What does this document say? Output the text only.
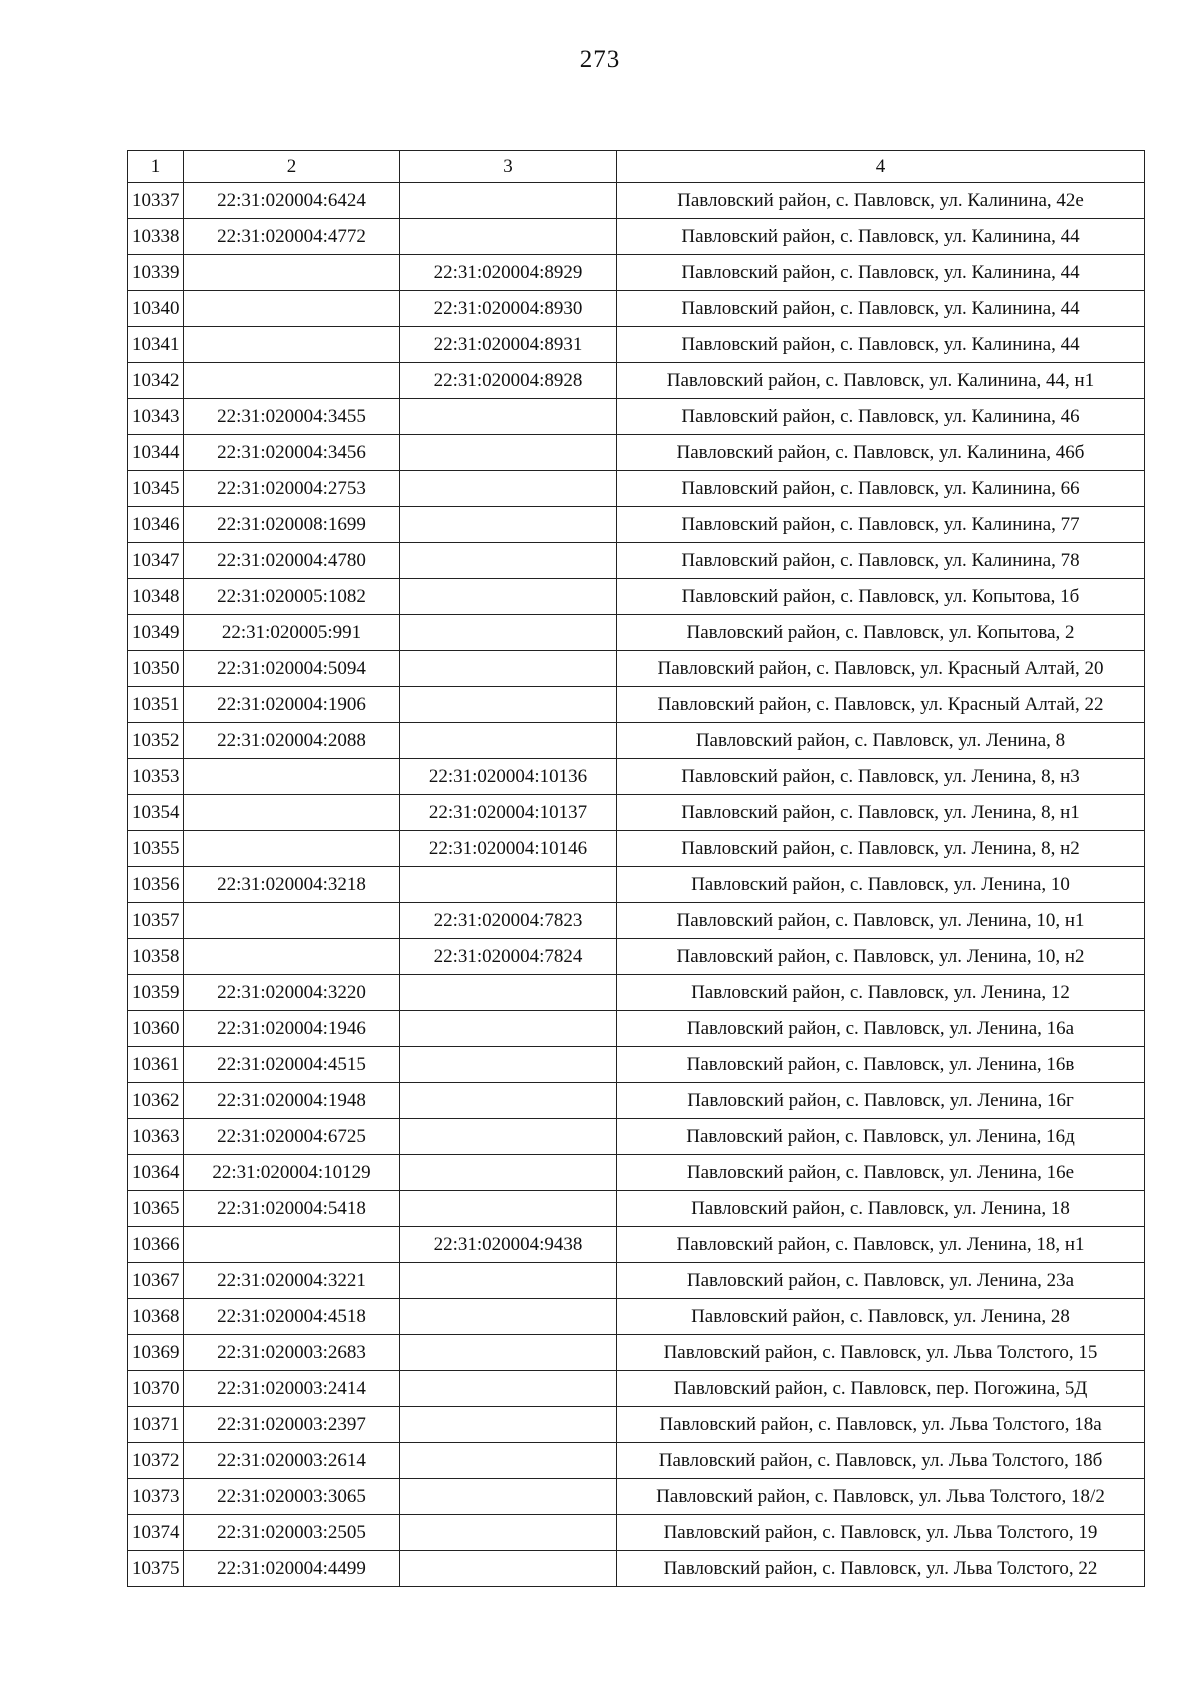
273
1	2	3	4
10337	22:31:020004:6424		Павловский район, с. Павловск, ул. Калинина, 42е
10338	22:31:020004:4772		Павловский район, с. Павловск, ул. Калинина, 44
10339		22:31:020004:8929	Павловский район, с. Павловск, ул. Калинина, 44
10340		22:31:020004:8930	Павловский район, с. Павловск, ул. Калинина, 44
10341		22:31:020004:8931	Павловский район, с. Павловск, ул. Калинина, 44
10342		22:31:020004:8928	Павловский район, с. Павловск, ул. Калинина, 44, н1
10343	22:31:020004:3455		Павловский район, с. Павловск, ул. Калинина, 46
10344	22:31:020004:3456		Павловский район, с. Павловск, ул. Калинина, 46б
10345	22:31:020004:2753		Павловский район, с. Павловск, ул. Калинина, 66
10346	22:31:020008:1699		Павловский район, с. Павловск, ул. Калинина, 77
10347	22:31:020004:4780		Павловский район, с. Павловск, ул. Калинина, 78
10348	22:31:020005:1082		Павловский район, с. Павловск, ул. Копытова, 1б
10349	22:31:020005:991		Павловский район, с. Павловск, ул. Копытова, 2
10350	22:31:020004:5094		Павловский район, с. Павловск, ул. Красный Алтай, 20
10351	22:31:020004:1906		Павловский район, с. Павловск, ул. Красный Алтай, 22
10352	22:31:020004:2088		Павловский район, с. Павловск, ул. Ленина, 8
10353		22:31:020004:10136	Павловский район, с. Павловск, ул. Ленина, 8, н3
10354		22:31:020004:10137	Павловский район, с. Павловск, ул. Ленина, 8, н1
10355		22:31:020004:10146	Павловский район, с. Павловск, ул. Ленина, 8, н2
10356	22:31:020004:3218		Павловский район, с. Павловск, ул. Ленина, 10
10357		22:31:020004:7823	Павловский район, с. Павловск, ул. Ленина, 10, н1
10358		22:31:020004:7824	Павловский район, с. Павловск, ул. Ленина, 10, н2
10359	22:31:020004:3220		Павловский район, с. Павловск, ул. Ленина, 12
10360	22:31:020004:1946		Павловский район, с. Павловск, ул. Ленина, 16а
10361	22:31:020004:4515		Павловский район, с. Павловск, ул. Ленина, 16в
10362	22:31:020004:1948		Павловский район, с. Павловск, ул. Ленина, 16г
10363	22:31:020004:6725		Павловский район, с. Павловск, ул. Ленина, 16д
10364	22:31:020004:10129		Павловский район, с. Павловск, ул. Ленина, 16е
10365	22:31:020004:5418		Павловский район, с. Павловск, ул. Ленина, 18
10366		22:31:020004:9438	Павловский район, с. Павловск, ул. Ленина, 18, н1
10367	22:31:020004:3221		Павловский район, с. Павловск, ул. Ленина, 23а
10368	22:31:020004:4518		Павловский район, с. Павловск, ул. Ленина, 28
10369	22:31:020003:2683		Павловский район, с. Павловск, ул. Льва Толстого, 15
10370	22:31:020003:2414		Павловский район, с. Павловск, пер. Погожина, 5Д
10371	22:31:020003:2397		Павловский район, с. Павловск, ул. Льва Толстого, 18а
10372	22:31:020003:2614		Павловский район, с. Павловск, ул. Льва Толстого, 18б
10373	22:31:020003:3065		Павловский район, с. Павловск, ул. Льва Толстого, 18/2
10374	22:31:020003:2505		Павловский район, с. Павловск, ул. Льва Толстого, 19
10375	22:31:020004:4499		Павловский район, с. Павловск, ул. Льва Толстого, 22
